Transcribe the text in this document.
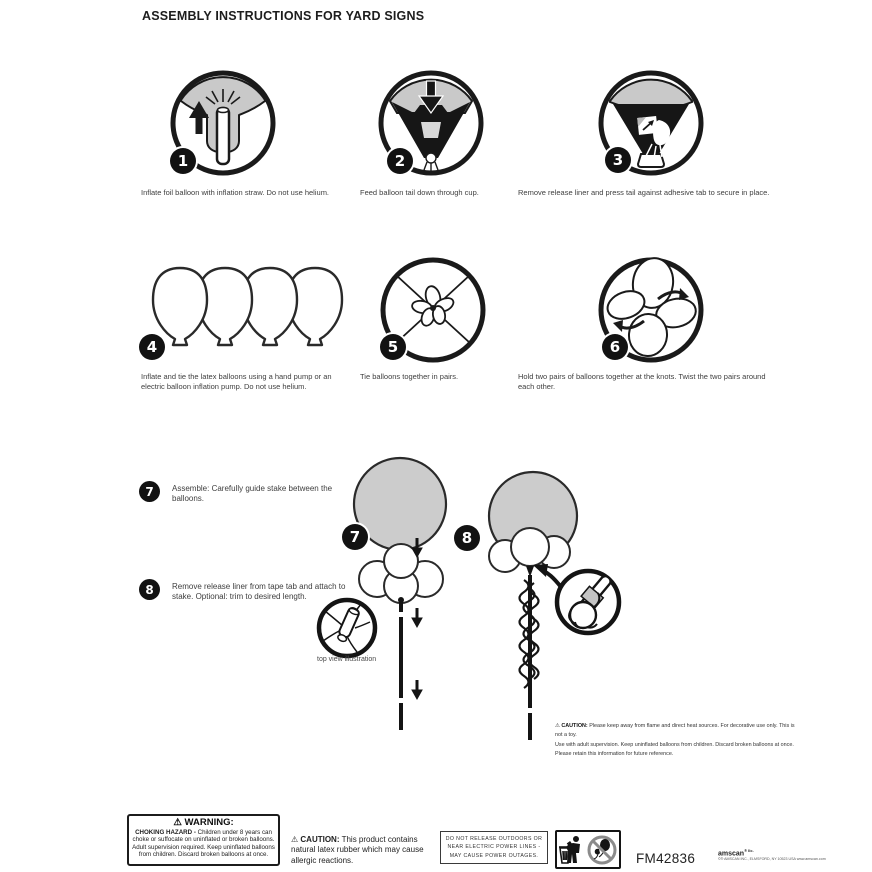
ASSEMBLY INSTRUCTIONS FOR YARD SIGNS
1
Inflate foil balloon with inflation straw. Do not use helium.
2
Feed balloon tail down through cup.
3
Remove release liner and press tail against adhesive tab to secure in place.
4
Inflate and tie the latex balloons using a hand pump or an electric balloon inflation pump. Do not use helium.
5
Tie balloons together in pairs.
6
Hold two pairs of balloons together at the knots. Twist the two pairs around each other.
7 Assemble: Carefully guide stake between the balloons.
8 Remove release liner from tape tab and attach to stake. Optional: trim to desired length.
7	8
top view illustration
⚠ CAUTION: Please keep away from flame and direct heat sources. For decorative use only. This is not a toy.
Use with adult supervision. Keep uninflated balloons from children. Discard broken balloons at once.
Please retain this information for future reference.
⚠ WARNING:
CHOKING HAZARD - Children under 8 years can choke or suffocate on uninflated or broken balloons. Adult supervision required. Keep uninflated balloons from children. Discard broken balloons at once.
⚠ CAUTION: This product contains natural latex rubber which may cause allergic reactions.
DO NOT RELEASE OUTDOORS OR NEAR ELECTRIC POWER LINES - MAY CAUSE POWER OUTAGES.	FM42836	amscan$^{® llc.}$
©® AMSCAN INC., ELMSFORD, NY 10523 USA www.amscan.com
